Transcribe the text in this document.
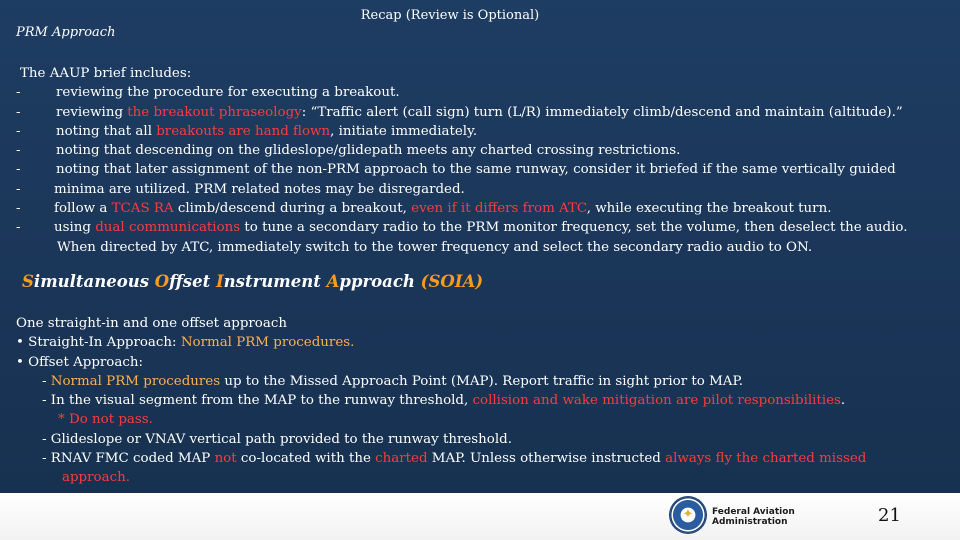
Recap (Review is Optional)
PRM Approach
The AAUP brief includes:
-	reviewing the procedure for executing a breakout.
-	reviewing the breakout phraseology: “Traffic alert (call sign) turn (L/R) immediately climb/descend and maintain (altitude).”
-	noting that all breakouts are hand flown, initiate immediately.
-	noting that descending on the glideslope/glidepath meets any charted crossing restrictions.
-	noting that later assignment of the non-PRM approach to the same runway, consider it briefed if the same vertically guided
- minima are utilized. PRM related notes may be disregarded.
- follow a TCAS RA climb/descend during a breakout, even if it differs from ATC, while executing the breakout turn.
- using dual communications to tune a secondary radio to the PRM monitor frequency, set the volume, then deselect the audio.
When directed by ATC, immediately switch to the tower frequency and select the secondary radio audio to ON.
Simultaneous Offset Instrument Approach (SOIA)
One straight-in and one offset approach
• Straight-In Approach: Normal PRM procedures.
• Offset Approach:
- Normal PRM procedures up to the Missed Approach Point (MAP). Report traffic in sight prior to MAP.
- In the visual segment from the MAP to the runway threshold, collision and wake mitigation are pilot responsibilities.
* Do not pass.
- Glideslope or VNAV vertical path provided to the runway threshold.
- RNAV FMC coded MAP not co-located with the charted MAP. Unless otherwise instructed always fly the charted missed
approach.
✦	Federal Aviation
Administration	21
